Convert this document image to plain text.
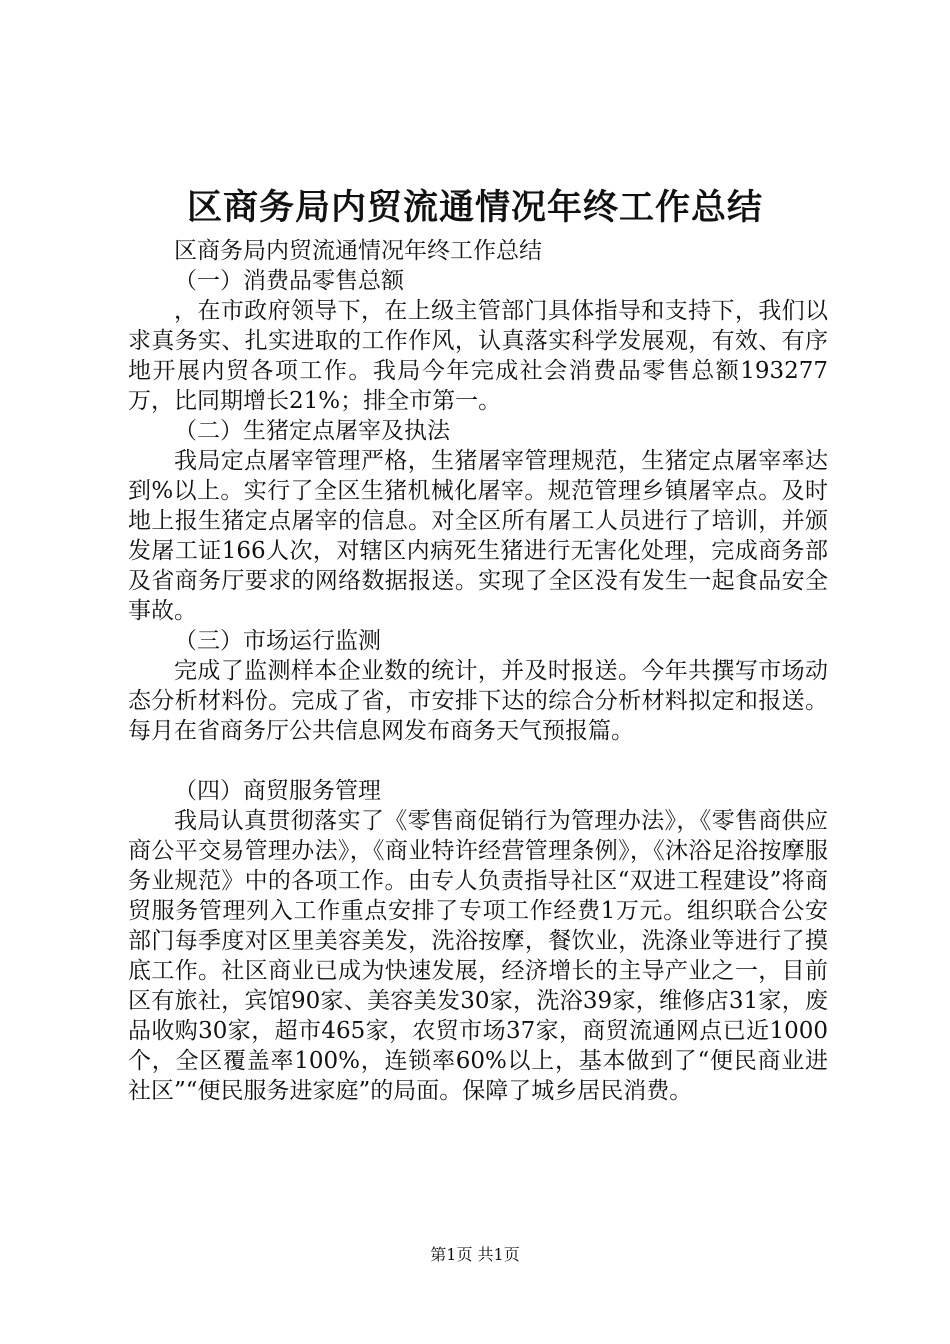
区商务局内贸流通情况年终工作总结

区商务局内贸流通情况年终工作总结

（一）消费品零售总额

，在市政府领导下，在上级主管部门具体指导和支持下，我们以求真务实、扎实进取的工作作风，认真落实科学发展观，有效、有序地开展内贸各项工作。我局今年完成社会消费品零售总额193277万，比同期增长21%；排全市第一。

（二）生猪定点屠宰及执法

我局定点屠宰管理严格，生猪屠宰管理规范，生猪定点屠宰率达到%以上。实行了全区生猪机械化屠宰。规范管理乡镇屠宰点。及时地上报生猪定点屠宰的信息。对全区所有屠工人员进行了培训，并颁发屠工证166人次，对辖区内病死生猪进行无害化处理，完成商务部及省商务厅要求的网络数据报送。实现了全区没有发生一起食品安全事故。

（三）市场运行监测

完成了监测样本企业数的统计，并及时报送。今年共撰写市场动态分析材料份。完成了省，市安排下达的综合分析材料拟定和报送。每月在省商务厅公共信息网发布商务天气预报篇。

（四）商贸服务管理

我局认真贯彻落实了《零售商促销行为管理办法》，《零售商供应商公平交易管理办法》，《商业特许经营管理条例》，《沐浴足浴按摩服务业规范》中的各项工作。由专人负责指导社区“双进工程建设”将商贸服务管理列入工作重点安排了专项工作经费1万元。组织联合公安部门每季度对区里美容美发，洗浴按摩，餐饮业，洗涤业等进行了摸底工作。社区商业已成为快速发展，经济增长的主导产业之一，目前区有旅社，宾馆90家、美容美发30家，洗浴39家，维修店31家，废品收购30家，超市465家，农贸市场37家，商贸流通网点已近1000个，全区覆盖率100%，连锁率60%以上，基本做到了“便民商业进社区”“便民服务进家庭”的局面。保障了城乡居民消费。

第1页 共1页
